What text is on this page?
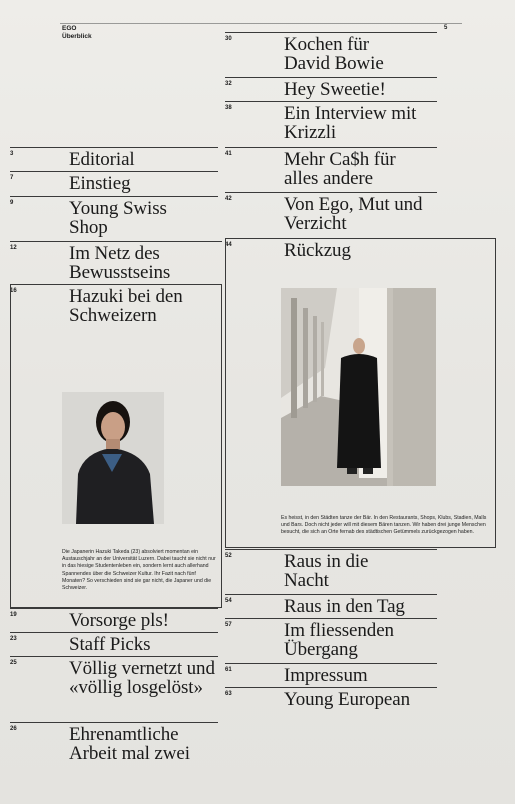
EGO
Überblick
5
3	Editorial
7	Einstieg
9	Young Swiss Shop
12	Im Netz des Bewusstseins
16	Hazuki bei den Schweizern
Die Japanerin Hazuki Takeda (23) absolviert momentan ein Austauschjahr an der Universität Luzern. Dabei taucht sie nicht nur in das hiesige Studentenleben ein, sondern lernt auch allerhand Spannendes über die Schweizer Kultur. Ihr Fazit nach fünf Monaten? So verschieden sind sie gar nicht, die Japaner und die Schweizer.
19	Vorsorge pls!
23	Staff Picks
25	Völlig vernetzt und «völlig losgelöst»
26	Ehrenamtliche Arbeit mal zwei
30	Kochen für David Bowie
32	Hey Sweetie!
38	Ein Interview mit Krizzli
41	Mehr Ca$h für alles andere
42	Von Ego, Mut und Verzicht
44	Rückzug
Es heisst, in den Städten tanze der Bär. In den Restaurants, Shops, Klubs, Stadien, Malls und Bars. Doch nicht jeder will mit diesem Bären tanzen. Wir haben drei junge Menschen besucht, die sich an Orte fernab des städtischen Getümmels zurückgezogen haben.
52	Raus in die Nacht
54	Raus in den Tag
57	Im fliessenden Übergang
61	Impressum
63	Young European
